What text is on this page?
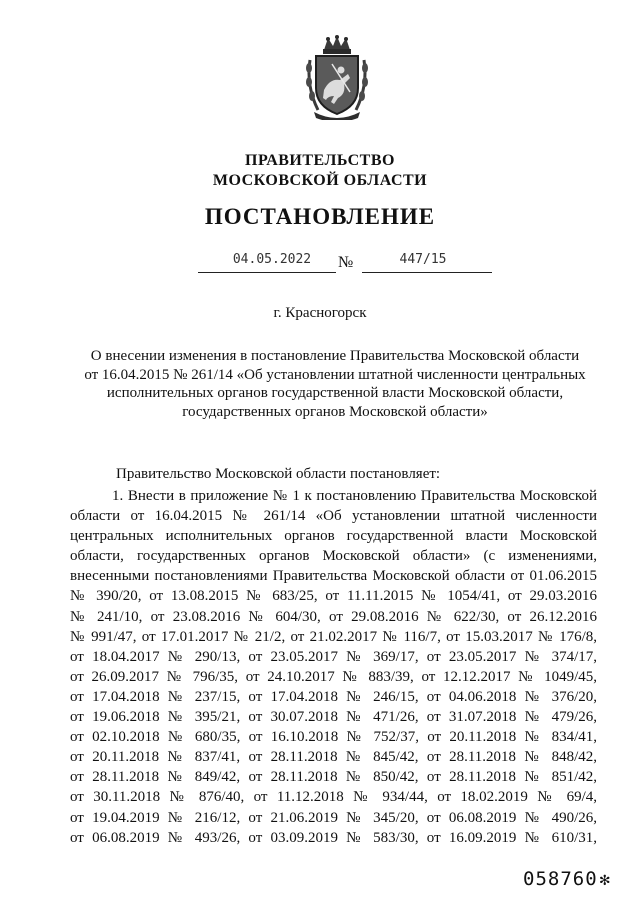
ПРАВИТЕЛЬСТВО
МОСКОВСКОЙ ОБЛАСТИ
ПОСТАНОВЛЕНИЕ
04.05.2022	№	447/15
г. Красногорск
О внесении изменения в постановление Правительства Московской области
от 16.04.2015 № 261/14 «Об установлении штатной численности центральных
исполнительных органов государственной власти Московской области,
государственных органов Московской области»
Правительство Московской области постановляет:
1. Внести в приложение № 1 к постановлению Правительства Московской
области от 16.04.2015 № 261/14 «Об установлении штатной численности
центральных исполнительных органов государственной власти Московской
области, государственных органов Московской области» (с изменениями,
внесенными постановлениями Правительства Московской области от 01.06.2015
№ 390/20, от 13.08.2015 № 683/25, от 11.11.2015 № 1054/41, от 29.03.2016
№ 241/10, от 23.08.2016 № 604/30, от 29.08.2016 № 622/30, от 26.12.2016
№ 991/47, от 17.01.2017 № 21/2, от 21.02.2017 № 116/7, от 15.03.2017 № 176/8,
от 18.04.2017 № 290/13, от 23.05.2017 № 369/17, от 23.05.2017 № 374/17,
от 26.09.2017 № 796/35, от 24.10.2017 № 883/39, от 12.12.2017 № 1049/45,
от 17.04.2018 № 237/15, от 17.04.2018 № 246/15, от 04.06.2018 № 376/20,
от 19.06.2018 № 395/21, от 30.07.2018 № 471/26, от 31.07.2018 № 479/26,
от 02.10.2018 № 680/35, от 16.10.2018 № 752/37, от 20.11.2018 № 834/41,
от 20.11.2018 № 837/41, от 28.11.2018 № 845/42, от 28.11.2018 № 848/42,
от 28.11.2018 № 849/42, от 28.11.2018 № 850/42, от 28.11.2018 № 851/42,
от 30.11.2018 № 876/40, от 11.12.2018 № 934/44, от 18.02.2019 № 69/4,
от 19.04.2019 № 216/12, от 21.06.2019 № 345/20, от 06.08.2019 № 490/26,
от 06.08.2019 № 493/26, от 03.09.2019 № 583/30, от 16.09.2019 № 610/31,
058760 ✻
